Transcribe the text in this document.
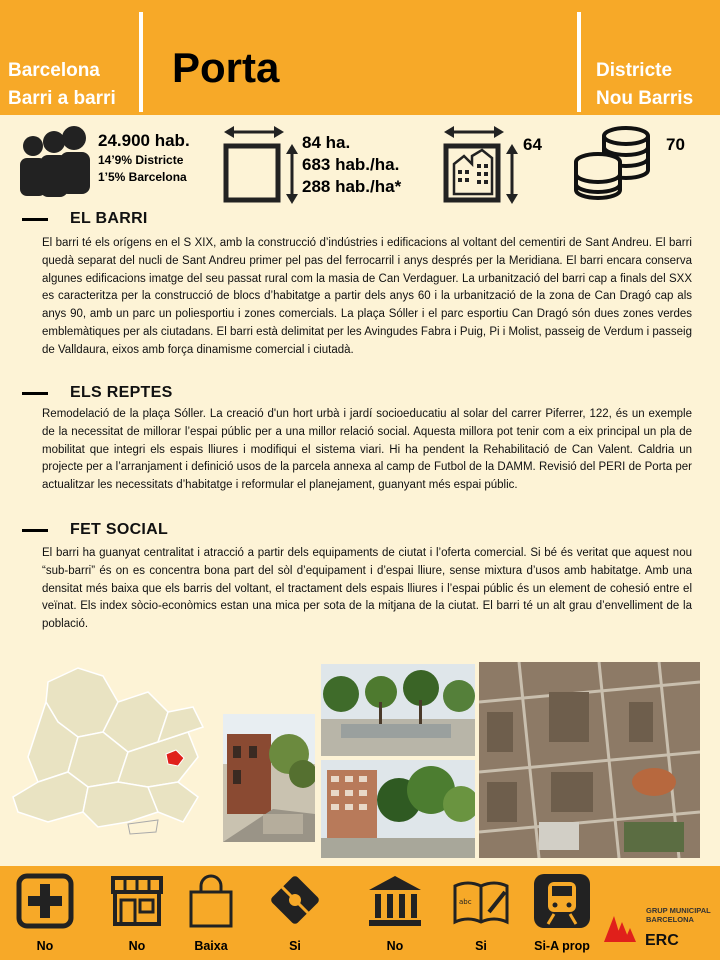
Barcelona
Barri a barri
Porta	Districte
Nou Barris
24.900 hab.
14’9% Districte
1’5% Barcelona
84 ha.
683 hab./ha.
288 hab./ha*
64	70
EL BARRI
El barri té els orígens en el S XIX, amb la construcció d’indústries i edificacions al voltant del cementiri de Sant Andreu. El barri quedà separat del nucli de Sant Andreu primer pel pas del ferrocarril i anys després per la Meridiana. El barri encara conserva algunes edificacions imatge del seu passat rural com la masia de Can Verdaguer. La urbanització del barri cap a finals del SXX es caracteritza per la construcció de blocs d’habitatge a partir dels anys 60 i la urbanització de la zona de Can Dragó cap als anys 90, amb un parc un poliesportiu i zones comercials. La plaça Sóller i el parc esportiu Can Dragó són dues zones verdes emblemàtiques per als ciutadans. El barri està delimitat per les Avingudes Fabra i Puig, Pi i Molist, passeig de Verdum i passeig de Valldaura, eixos amb força dinamisme comercial i ciutadà.
ELS REPTES
Remodelació de la plaça Sóller. La creació d'un hort urbà i jardí socioeducatiu al solar del carrer Piferrer, 122, és un exemple de la necessitat de millorar l’espai públic per a una millor relació social. Aquesta millora pot tenir com a eix principal un pla de mobilitat que integri els espais lliures i modifiqui el sistema viari. Hi ha pendent la Rehabilitació de Can Valent. Caldria un projecte per a l’arranjament i definició usos de la parcela annexa al camp de Futbol de la DAMM. Revisió del PERI de Porta per actualitzar les necessitats d’habitatge i reformular el planejament, guanyant més espai públic.
FET SOCIAL
El barri ha guanyat centralitat i atracció a partir dels equipaments de ciutat i l’oferta comercial. Si bé és veritat que aquest nou “sub-barri” és on es concentra bona part del sòl d’equipament i d’espai lliure, sense mixtura d’usos amb habitatge. Amb una densitat més baixa que els barris del voltant, el tractament dels espais lliures i l’espai públic és un element de cohesió entre el veïnat. Els index sòcio-econòmics estan una mica per sota de la mitjana de la ciutat. El barri té un alt grau d’envelliment de la població.
No	No	Baixa	Si	No
abc
Si	Si-A prop
GRUP MUNICIPAL
BARCELONA
ERC
